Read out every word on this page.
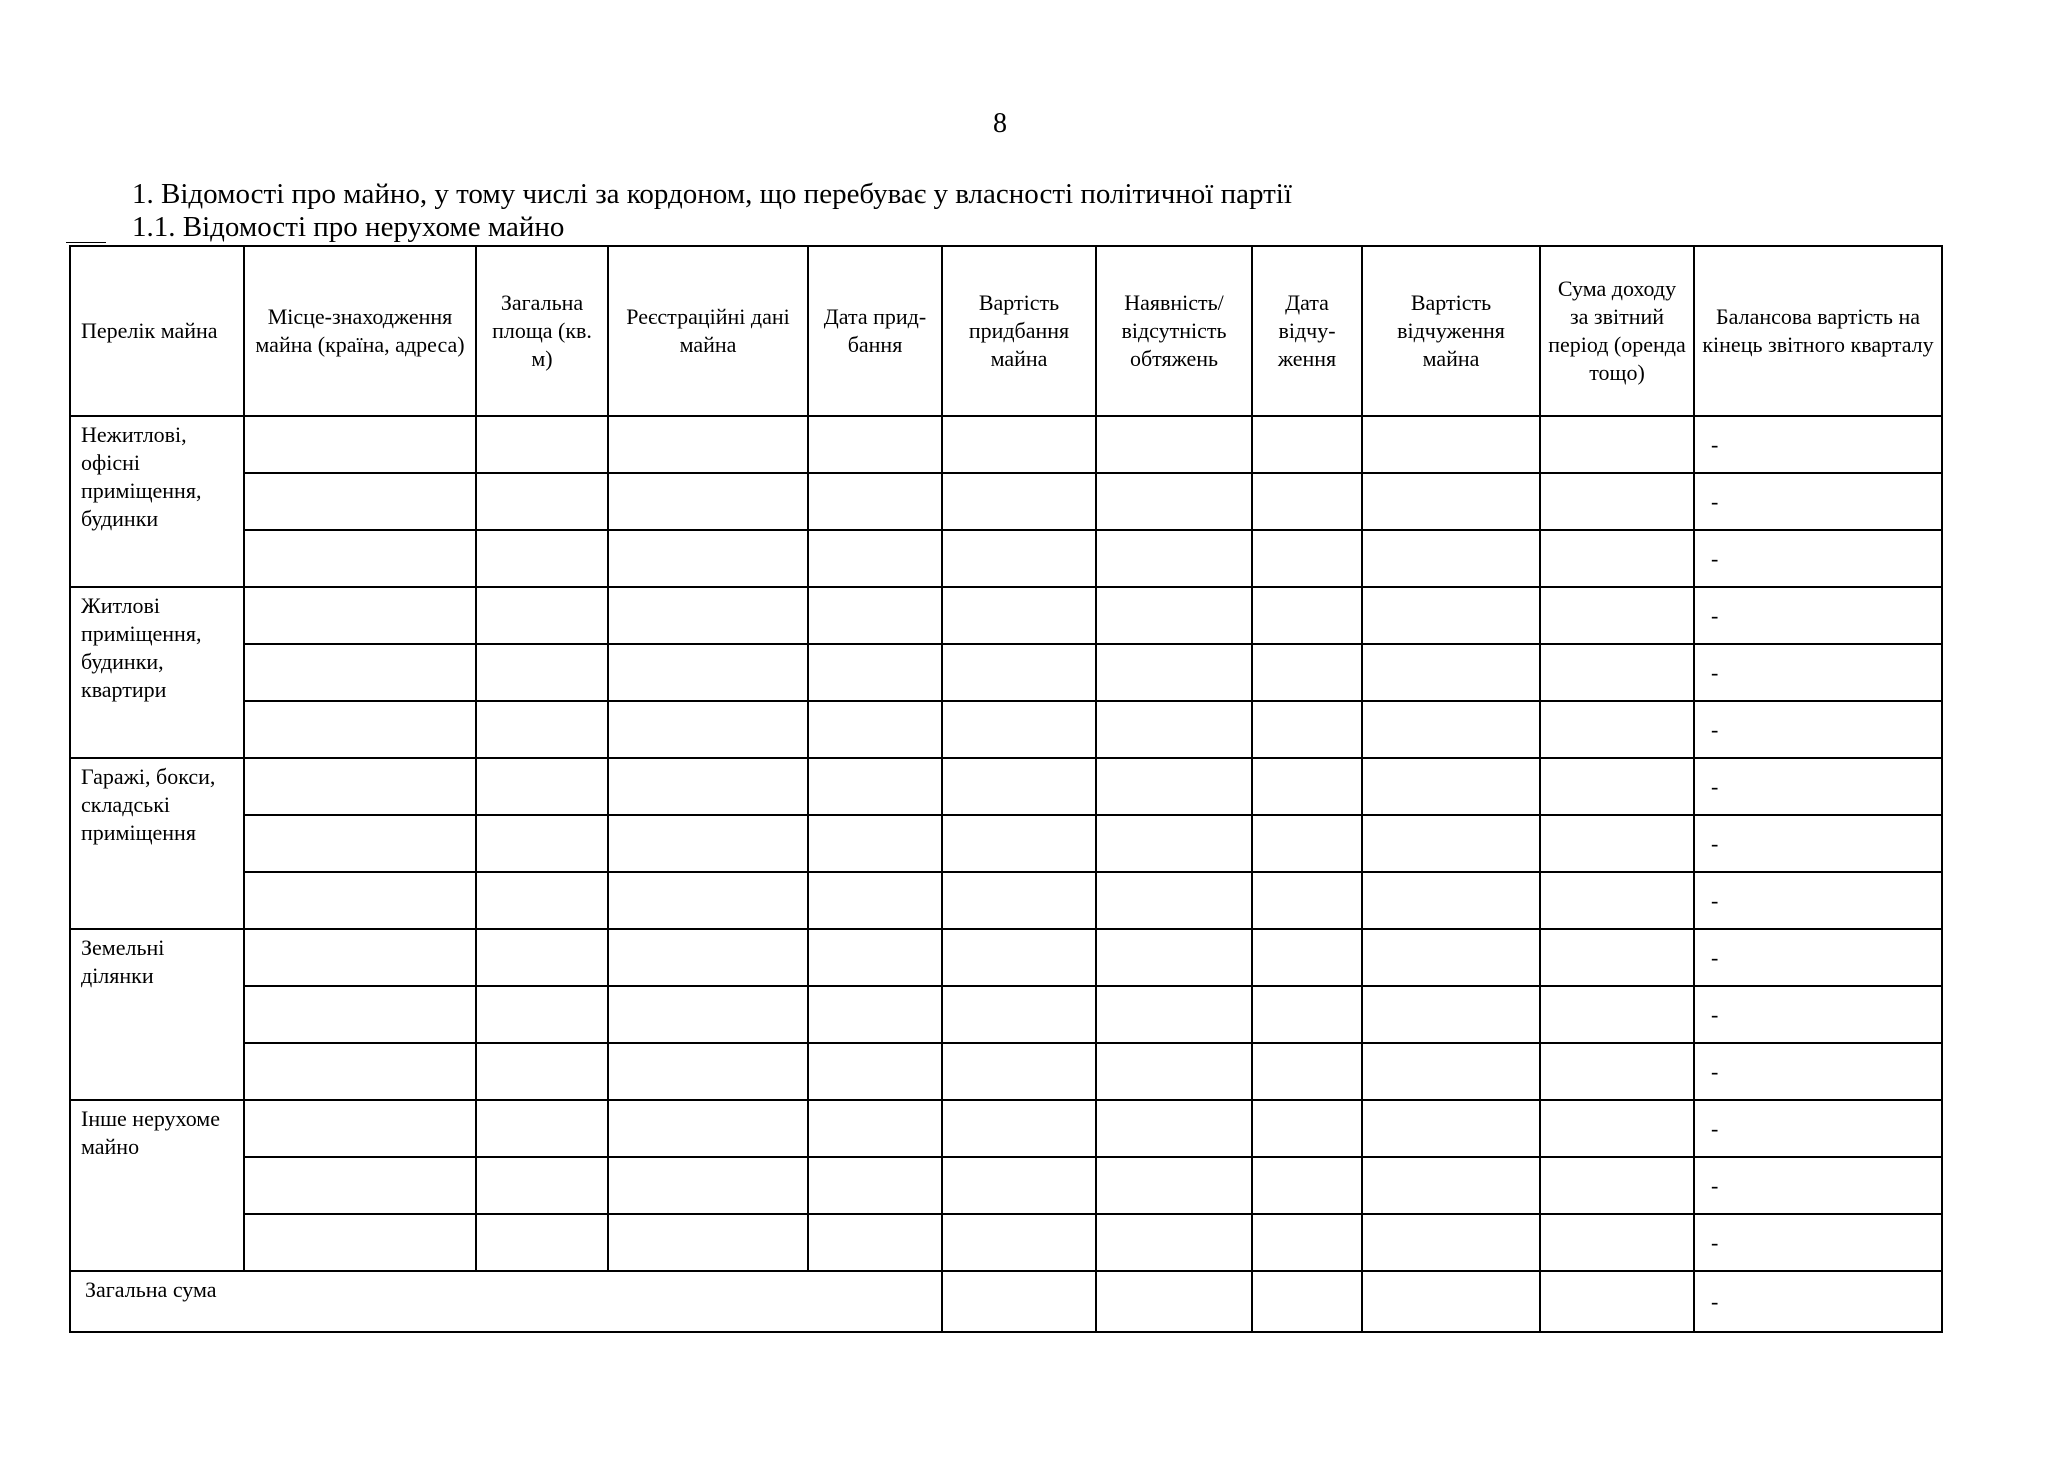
8
1. Відомості про майно, у тому числі за кордоном, що перебуває у власності політичної партії
1.1. Відомості про нерухоме майно
Перелік майна	Місце-знаходження майна (країна, адреса)	Загальна площа (кв. м)	Реєстраційні дані майна	Дата прид-бання	Вартість придбання майна	Наявність/ відсутність обтяжень	Дата відчу-ження	Вартість відчуження майна	Сума доходу за звітний період (оренда тощо)	Балансова вартість на кінець звітного кварталу
Нежитлові, офісні приміщення, будинки										-
										-
										-
Житлові приміщення, будинки, квартири										-
										-
										-
Гаражі, бокси, складські приміщення										-
										-
										-
Земельні ділянки										-
										-
										-
Інше нерухоме майно										-
										-
										-
Загальна сума										-
